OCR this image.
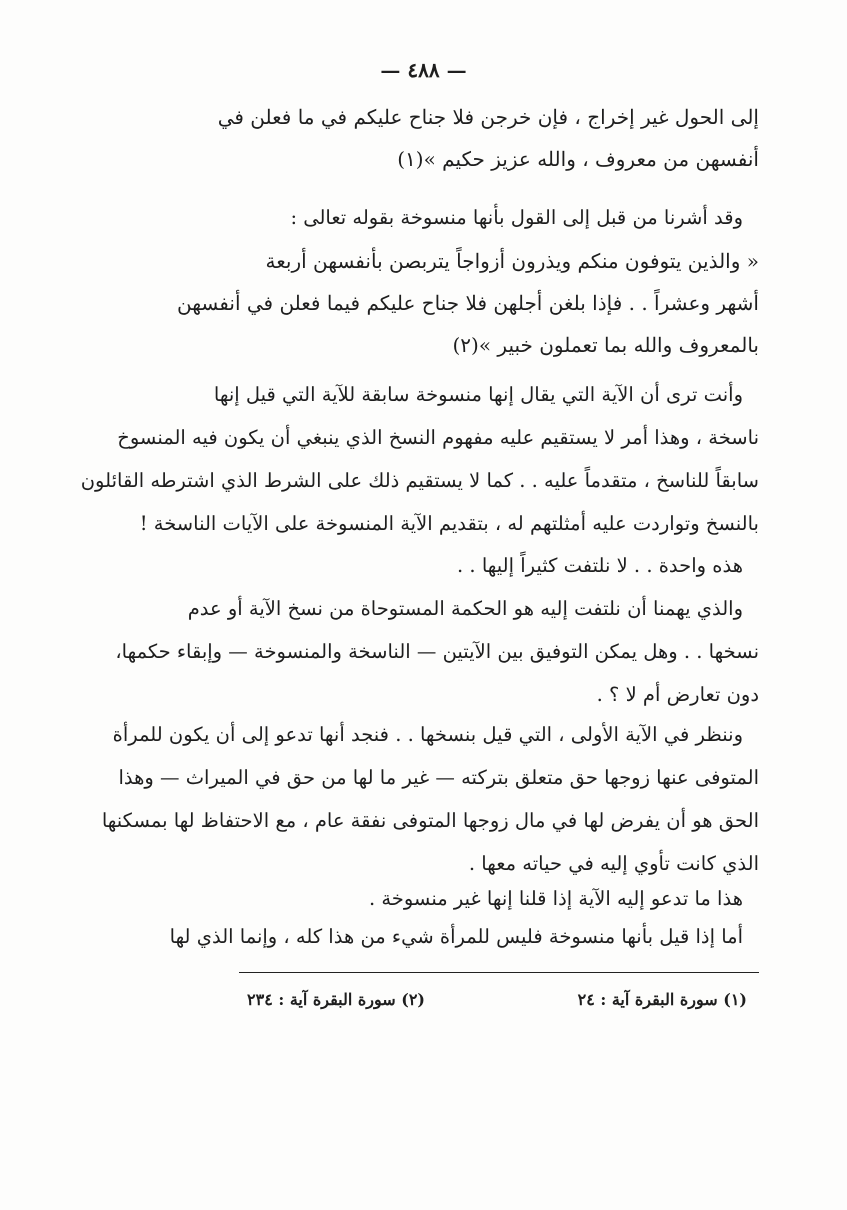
— ٤٨٨ —
إلى الحول غير إخراج ، فإن خرجن فلا جناح عليكم في ما فعلن في
أنفسهن من معروف ، والله عزيز حكيم »(١)
وقد أشرنا من قبل إلى القول بأنها منسوخة بقوله تعالى :
« والذين يتوفون منكم ويذرون أزواجاً يتربصن بأنفسهن أربعة
أشهر وعشراً . . فإذا بلغن أجلهن فلا جناح عليكم فيما فعلن في أنفسهن
بالمعروف والله بما تعملون خبير »(٢)
وأنت ترى أن الآية التي يقال إنها منسوخة سابقة للآية التي قيل إنها
ناسخة ، وهذا أمر لا يستقيم عليه مفهوم النسخ الذي ينبغي أن يكون فيه المنسوخ
سابقاً للناسخ ، متقدماً عليه . . كما لا يستقيم ذلك على الشرط الذي اشترطه القائلون
بالنسخ وتواردت عليه أمثلتهم له ، بتقديم الآية المنسوخة على الآيات الناسخة !
هذه واحدة . . لا نلتفت كثيراً إليها . .
والذي يهمنا أن نلتفت إليه هو الحكمة المستوحاة من نسخ الآية أو عدم
نسخها . . وهل يمكن التوفيق بين الآيتين — الناسخة والمنسوخة — وإبقاء حكمها،
دون تعارض أم لا ؟ .
وننظر في الآية الأولى ، التي قيل بنسخها . . فنجد أنها تدعو إلى أن يكون للمرأة
المتوفى عنها زوجها حق متعلق بتركته — غير ما لها من حق في الميراث — وهذا
الحق هو أن يفرض لها في مال زوجها المتوفى نفقة عام ، مع الاحتفاظ لها بمسكنها
الذي كانت تأوي إليه في حياته معها .
هذا ما تدعو إليه الآية إذا قلنا إنها غير منسوخة .
أما إذا قيل بأنها منسوخة فليس للمرأة شيء من هذا كله ، وإنما الذي لها
(١) سورة البقرة آية : ٢٤
(٢) سورة البقرة آية : ٢٣٤
